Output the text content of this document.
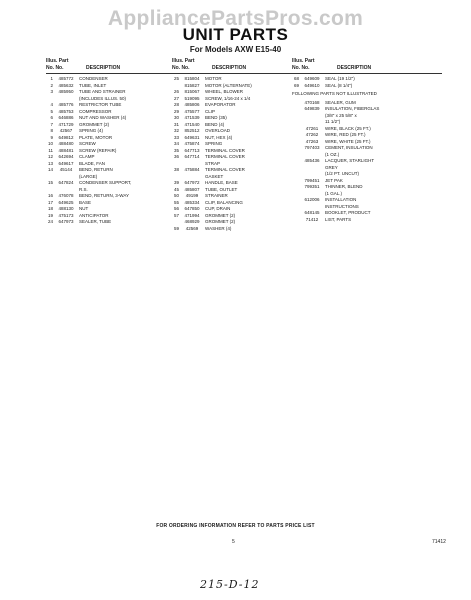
AppliancePartsPros.com
UNIT PARTS
For Models AXW E15-40
Illus. Part
No. No.	DESCRIPTION
1	485772	CONDENSER
2	485632	TUBE, INLET
3	485950	TUBE AND STRAINER
(INCLUDES ILLUS. 50)
4	485776	RESTRICTOR TUBE
5	485753	COMPRESSOR
6	646886	NUT AND WASHER (4)
7	471729	GROMMET (2)
8	42567	SPRING (4)
9	649812	PLATE, MOTOR
10	488480	SCREW
11	488481	SCREW (REPAIR)
12	642694	CLAMP
13	649617	BLADE, FAN
14	45144	BEND, RETURN
(LARGE)
15	647824	CONDENSER SUPPORT,
R.S.
16	476078	BEND, RETURN, 3-WAY
17	649625	BASE
18	488130	NUT
19	475173	ANTICIPATOR
24	647973	SEALER, TUBE
Illus. Part
No. No.	DESCRIPTION
25	815804	MOTOR
815827	MOTOR (ALTERNATE)
26	815067	WHEEL, BLOWER
27	519095	SCREW, 1/16-24 x 1/4
28	485806	EVAPORATOR
29	475577	CLIP
30	471539	BEND (35)
31	471540	BEND (4)
32	852512	OVERLOAD
33	649631	NUT, HEX (4)
34	475874	SPRING
35	647713	TERMINAL COVER
36	647714	TERMINAL COVER
STRAP
38	475884	TERMINAL COVER
GASKET
39	647972	HANDLE, BASE
45	485807	TUBE, OUTLET
50	49199	STRAINER
55	485334	CLIP, BALANCING
56	647850	CUP, DRAIN
57	471994	GROMMET (2)
468929	GROMMET (2)
59	42569	WASHER (4)
Illus. Part
No. No.	DESCRIPTION
68	649609	SEAL (19 1/2")
69	649610	SEAL (8 1/4")
FOLLOWING PARTS NOT ILLUSTRATED
470168	SEALER, GUM
649839	INSULATION, FIBERGLAS
(3/8" x 25 5/8" x
11 1/2")
47261	WIRE, BLACK (25 FT.)
47262	WIRE, RED (25 FT.)
47263	WIRE, WHITE (25 FT.)
797403	CEMENT, INSULATION
(1 OZ.)
485436	LACQUER, STARLIGHT
GREY
(1/2 PT. UNCUT)
799451	JET PAK
799351	THINNER, BLEND
(1 GAL.)
612006	INSTALLATION
INSTRUCTIONS
648145	BOOKLET, PRODUCT
71412	LIST, PARTS
FOR ORDERING INFORMATION REFER TO PARTS PRICE LIST
5	71412
215-D-12
